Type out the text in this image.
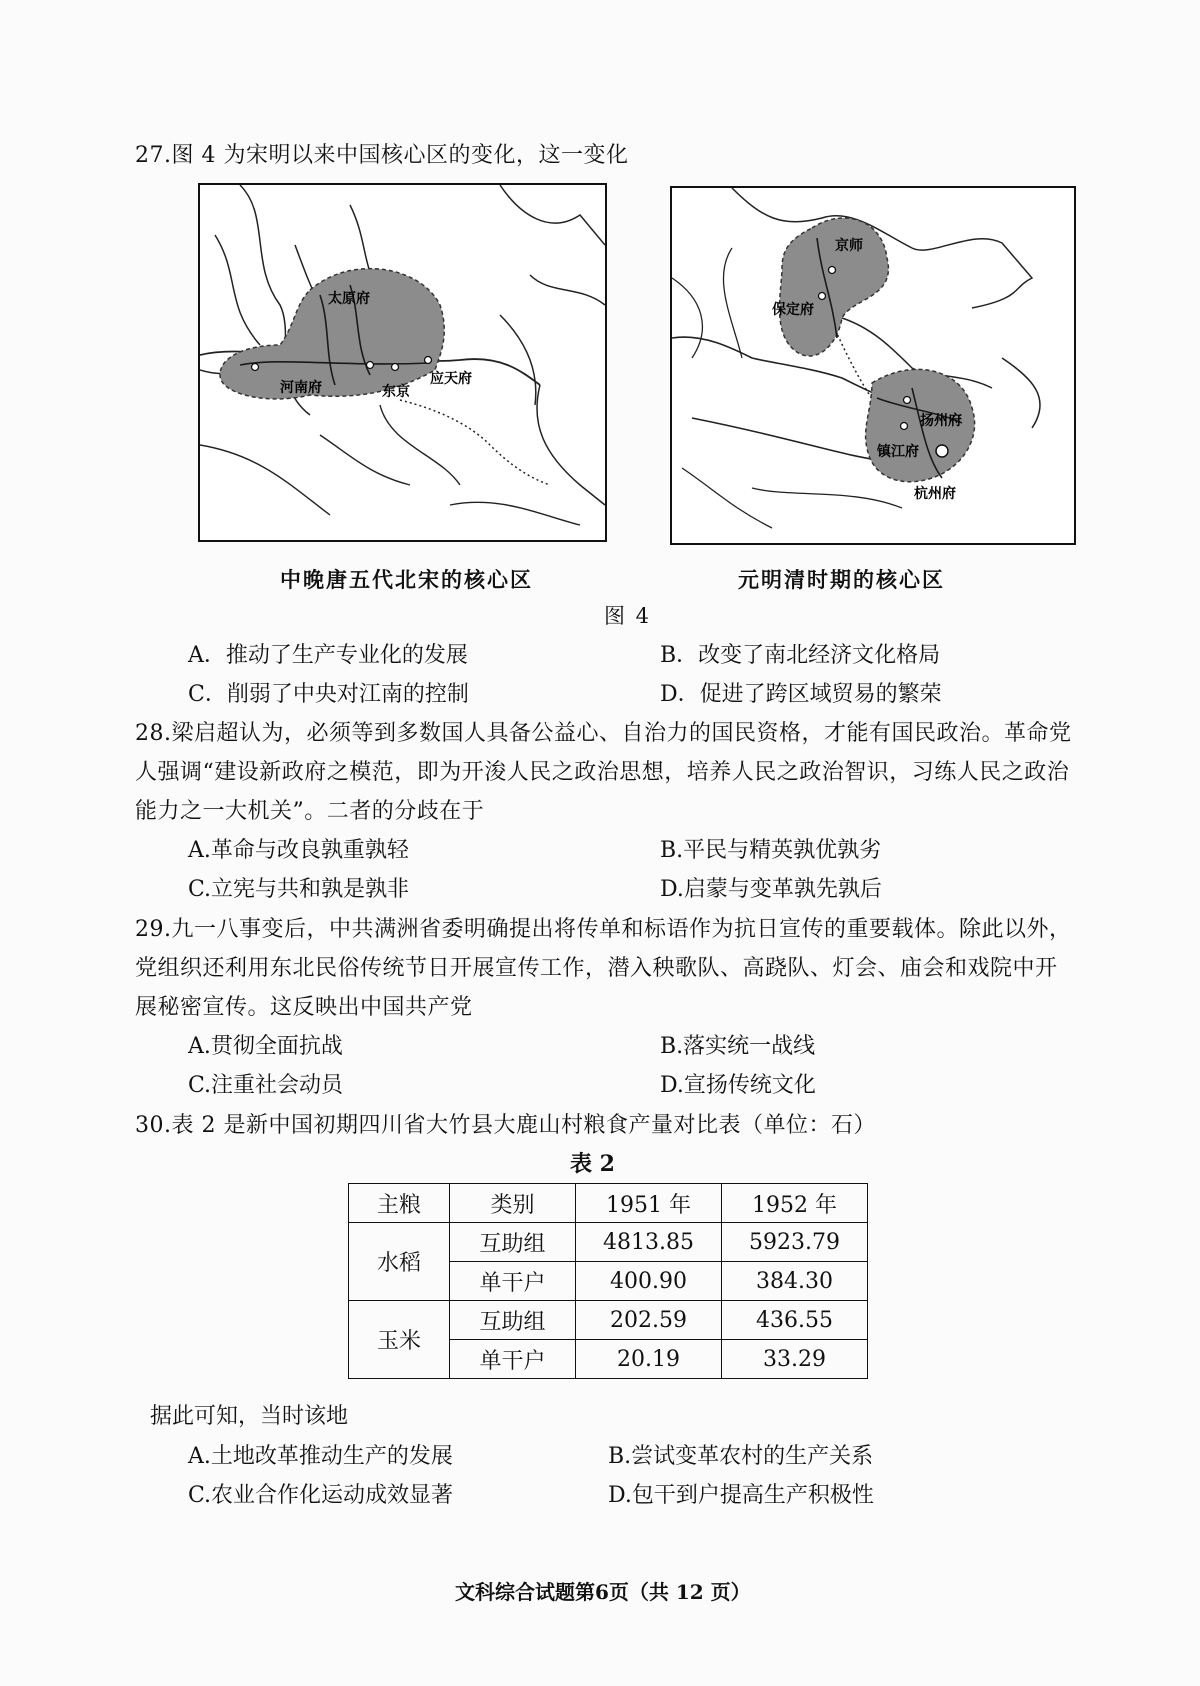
27.图 4 为宋明以来中国核心区的变化，这一变化
太原府
河南府	东京
应天府
京师
保定府
扬州府
镇江府
杭州府
中晚唐五代北宋的核心区	元明清时期的核心区
图 4
A．推动了生产专业化的发展	B．改变了南北经济文化格局
C．削弱了中央对江南的控制	D．促进了跨区域贸易的繁荣
28.梁启超认为，必须等到多数国人具备公益心、自治力的国民资格，才能有国民政治。革命党人强调“建设新政府之模范，即为开浚人民之政治思想，培养人民之政治智识，习练人民之政治能力之一大机关”。二者的分歧在于
A.革命与改良孰重孰轻	B.平民与精英孰优孰劣
C.立宪与共和孰是孰非	D.启蒙与变革孰先孰后
29.九一八事变后，中共满洲省委明确提出将传单和标语作为抗日宣传的重要载体。除此以外，党组织还利用东北民俗传统节日开展宣传工作，潜入秧歌队、高跷队、灯会、庙会和戏院中开展秘密宣传。这反映出中国共产党
A.贯彻全面抗战	B.落实统一战线
C.注重社会动员	D.宣扬传统文化
30.表 2 是新中国初期四川省大竹县大鹿山村粮食产量对比表（单位：石）
表 2
主粮	类别	1951 年	1952 年
水稻	互助组	4813.85	5923.79
	单干户	400.90	384.30
玉米	互助组	202.59	436.55
	单干户	20.19	33.29
据此可知，当时该地
A.土地改革推动生产的发展	B.尝试变革农村的生产关系
C.农业合作化运动成效显著	D.包干到户提高生产积极性
文科综合试题第6页（共 12 页）
